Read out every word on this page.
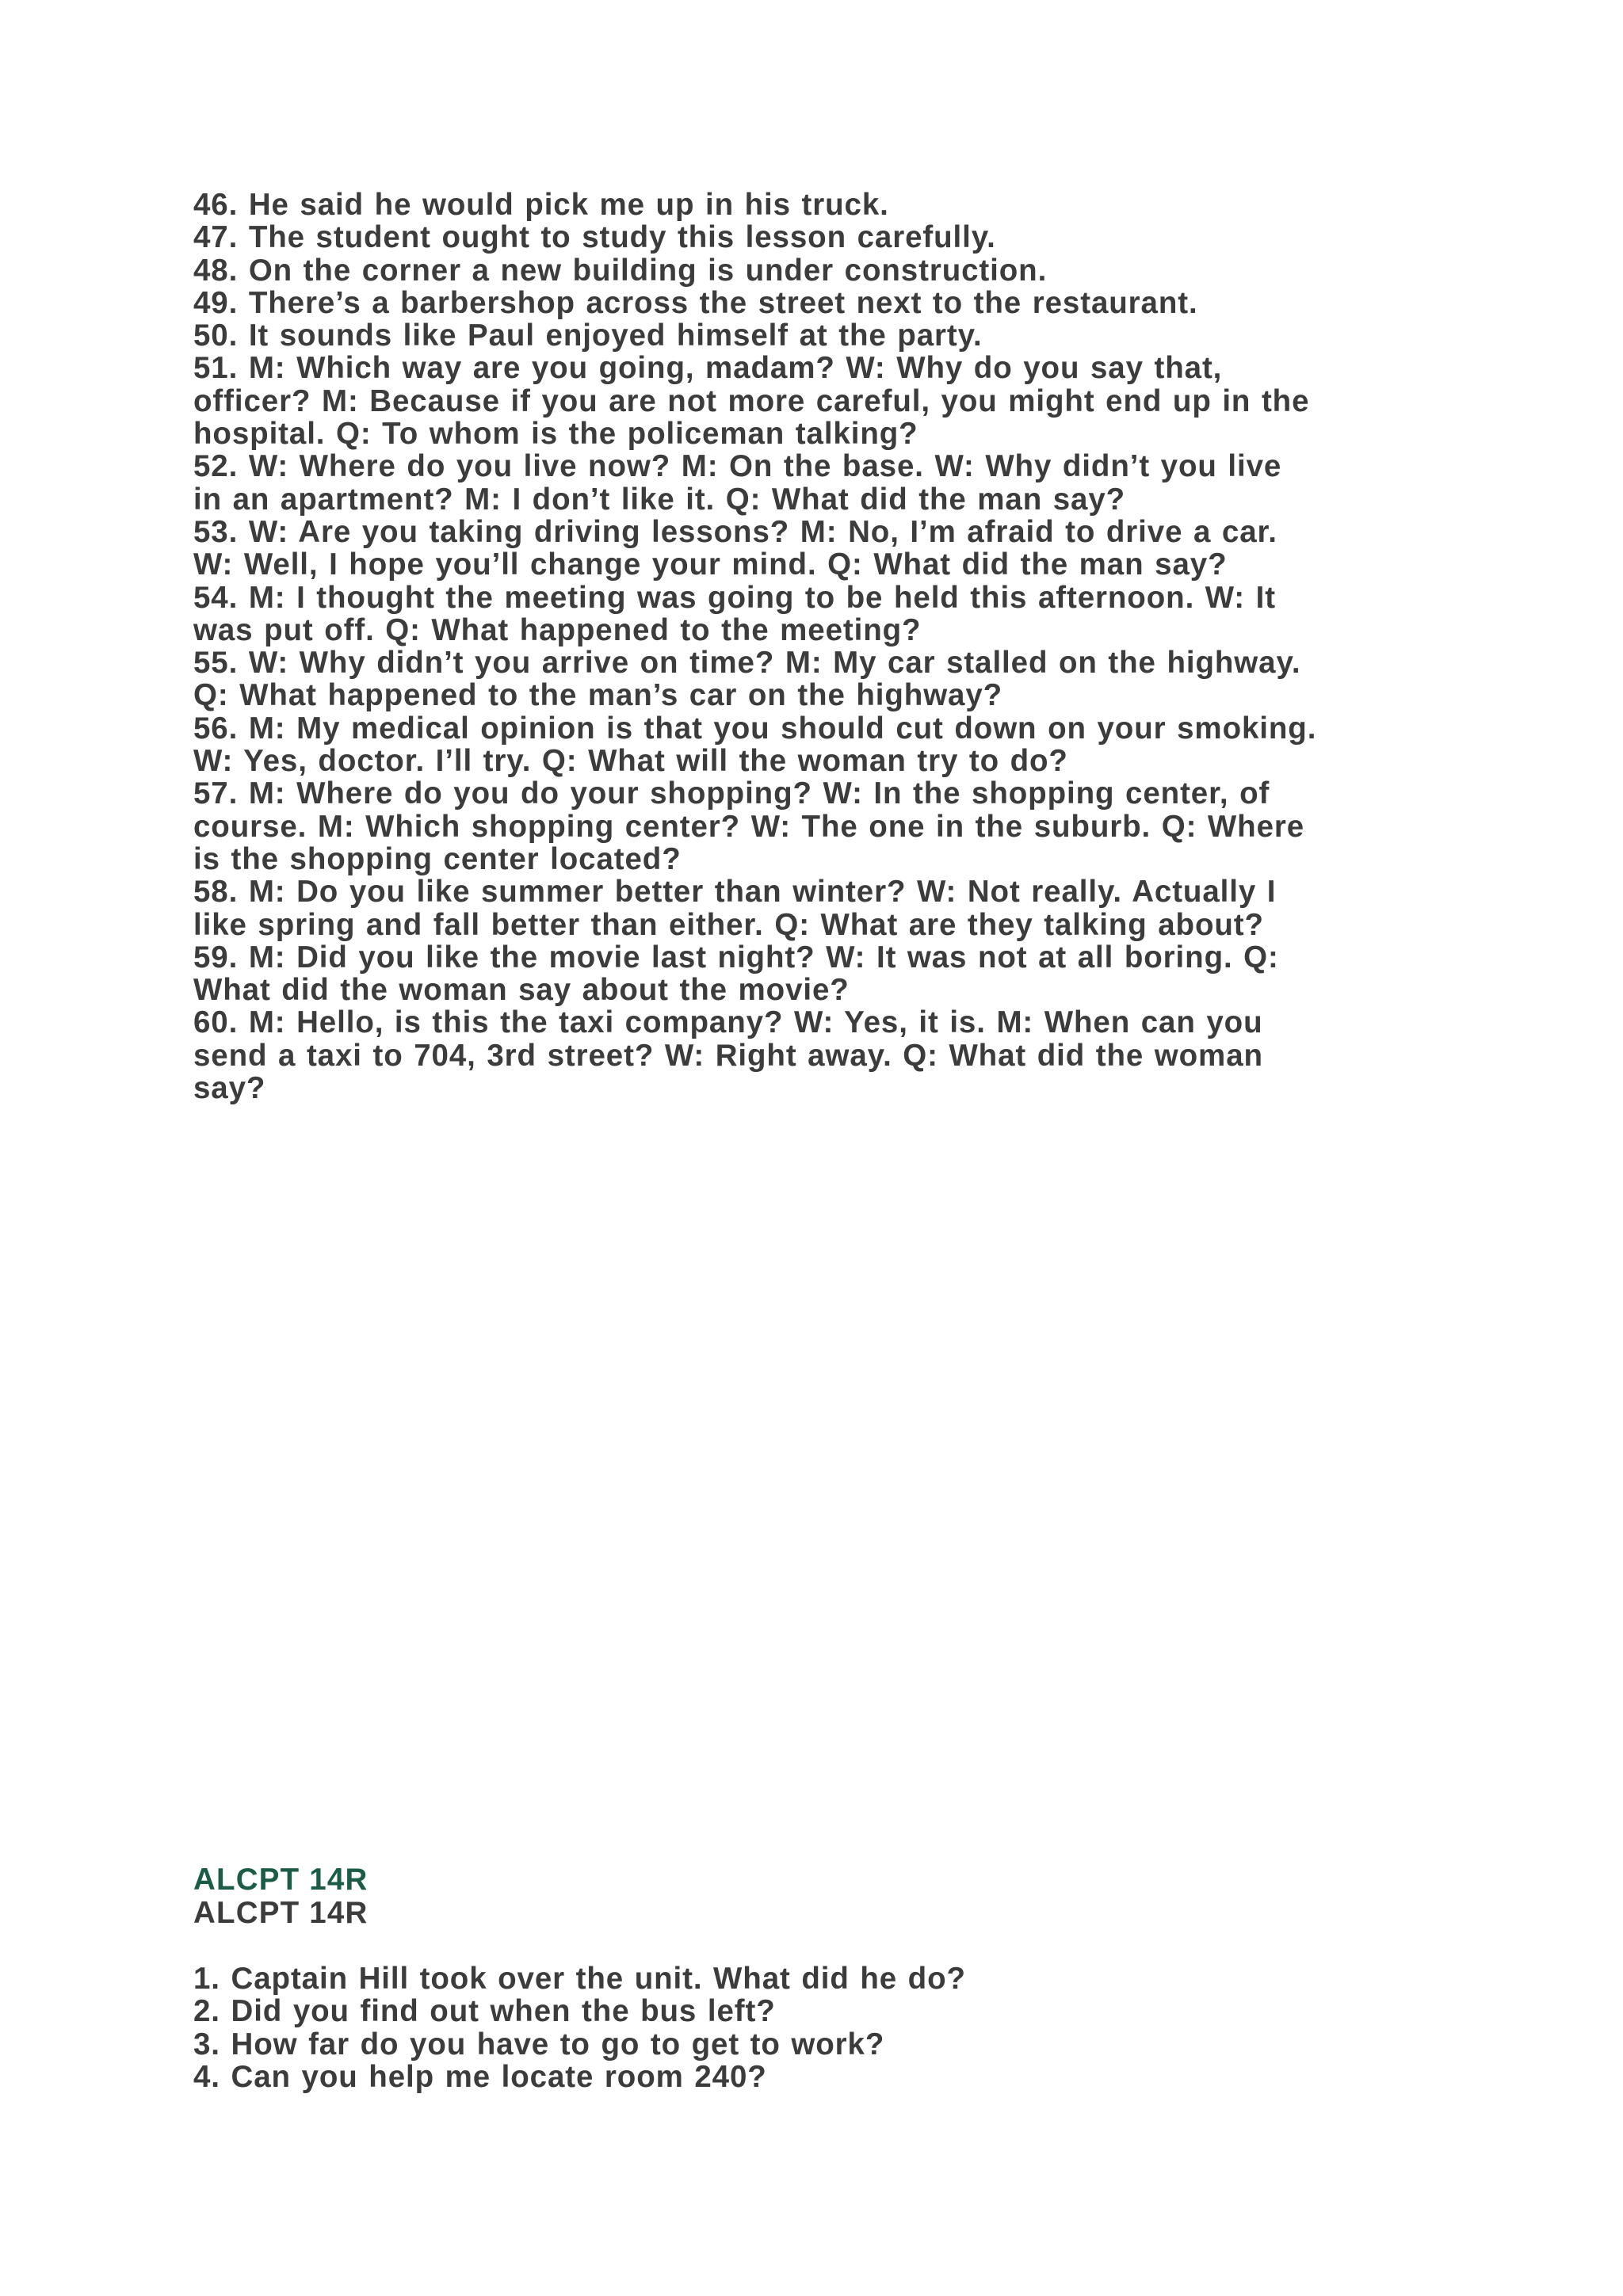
46. He said he would pick me up in his truck.
47. The student ought to study this lesson carefully.
48. On the corner a new building is under construction.
49. There’s a barbershop across the street next to the restaurant.
50. It sounds like Paul enjoyed himself at the party.
51. M: Which way are you going, madam? W: Why do you say that,
officer? M: Because if you are not more careful, you might end up in the
hospital. Q: To whom is the policeman talking?
52. W: Where do you live now? M: On the base. W: Why didn’t you live
in an apartment? M: I don’t like it. Q: What did the man say?
53. W: Are you taking driving lessons? M: No, I’m afraid to drive a car.
W: Well, I hope you’ll change your mind. Q: What did the man say?
54. M: I thought the meeting was going to be held this afternoon. W: It
was put off. Q: What happened to the meeting?
55. W: Why didn’t you arrive on time? M: My car stalled on the highway.
Q: What happened to the man’s car on the highway?
56. M: My medical opinion is that you should cut down on your smoking.
W: Yes, doctor. I’ll try. Q: What will the woman try to do?
57. M: Where do you do your shopping? W: In the shopping center, of
course. M: Which shopping center? W: The one in the suburb. Q: Where
is the shopping center located?
58. M: Do you like summer better than winter? W: Not really. Actually I
like spring and fall better than either. Q: What are they talking about?
59. M: Did you like the movie last night? W: It was not at all boring. Q:
What did the woman say about the movie?
60. M: Hello, is this the taxi company? W: Yes, it is. M: When can you
send a taxi to 704, 3rd street? W: Right away. Q: What did the woman
say?
ALCPT 14R
ALCPT 14R
1. Captain Hill took over the unit. What did he do?
2. Did you find out when the bus left?
3. How far do you have to go to get to work?
4. Can you help me locate room 240?
